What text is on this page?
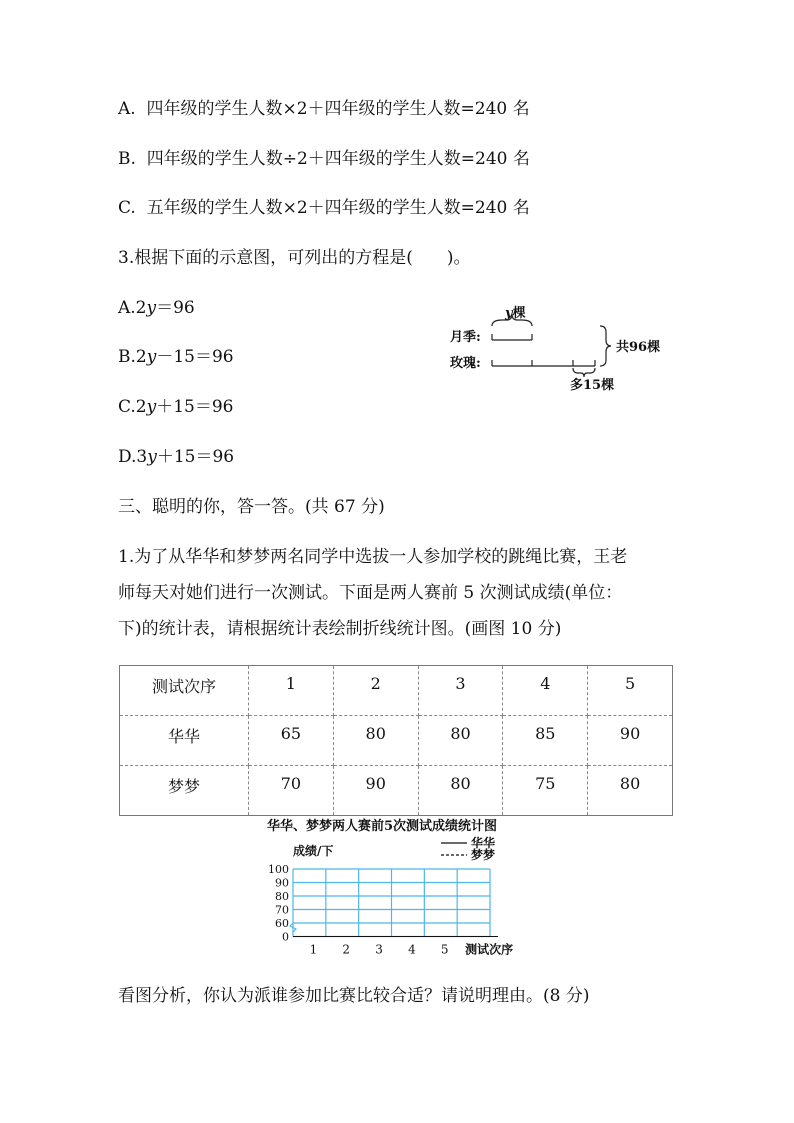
A. 四年级的学生人数×2＋四年级的学生人数=240 名
B. 四年级的学生人数÷2＋四年级的学生人数=240 名
C. 五年级的学生人数×2＋四年级的学生人数=240 名
3.根据下面的示意图，可列出的方程是(　　)。
A.2y＝96
B.2y－15＝96
C.2y＋15＝96
D.3y＋15＝96
y棵
月季:
玫瑰:
共96棵
多15棵
三、聪明的你，答一答。(共 67 分)
1.为了从华华和梦梦两名同学中选拔一人参加学校的跳绳比赛，王老
师每天对她们进行一次测试。下面是两人赛前 5 次测试成绩(单位：
下)的统计表，请根据统计表绘制折线统计图。(画图 10 分)
测试次序	1	2	3	4	5
华华	65	80	80	85	90
梦梦	70	90	80	75	80
华华、梦梦两人赛前5次测试成绩统计图
成绩/下
华华
梦梦
100
90
80
70
60
0
1 2 3 4 5 测试次序
看图分析，你认为派谁参加比赛比较合适？请说明理由。(8 分)
